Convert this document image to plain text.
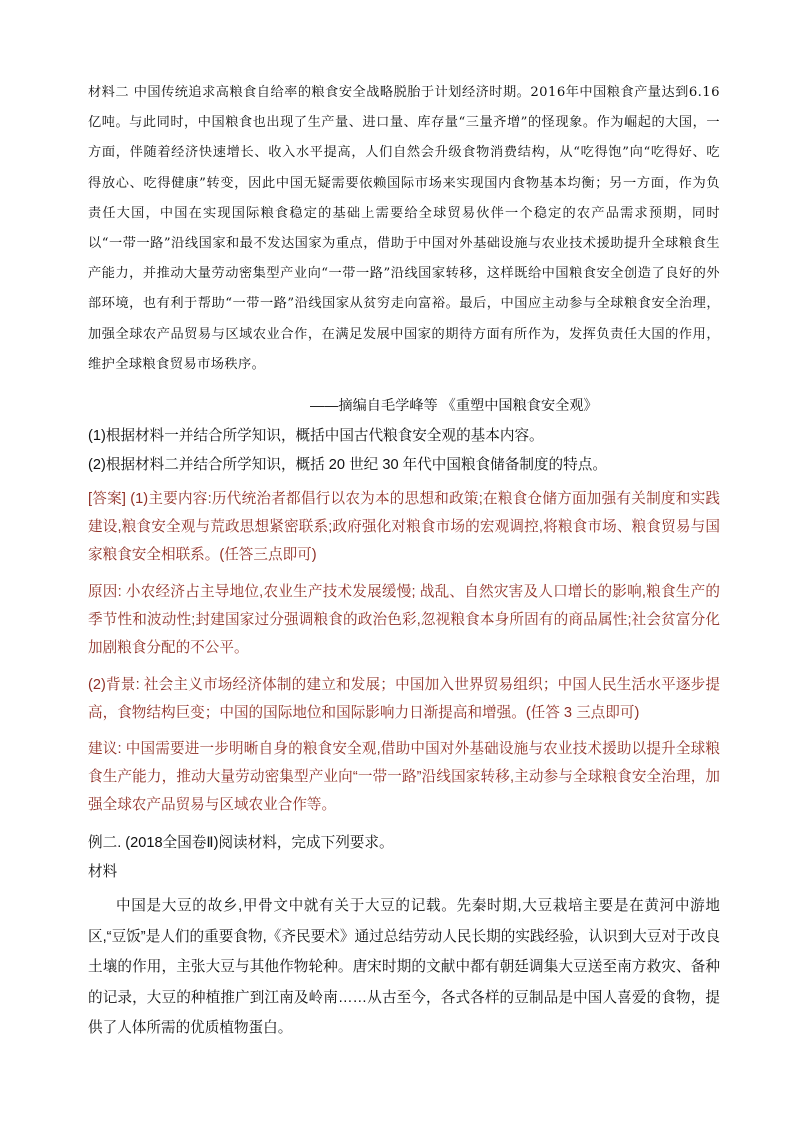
材料二 中国传统追求高粮食自给率的粮食安全战略脱胎于计划经济时期。2016年中国粮食产量达到6.16亿吨。与此同时，中国粮食也出现了生产量、进口量、库存量“三量齐增”的怪现象。作为崛起的大国，一方面，伴随着经济快速增长、收入水平提高，人们自然会升级食物消费结构，从“吃得饱”向“吃得好、吃得放心、吃得健康”转变，因此中国无疑需要依赖国际市场来实现国内食物基本均衡；另一方面，作为负责任大国，中国在实现国际粮食稳定的基础上需要给全球贸易伙伴一个稳定的农产品需求预期，同时以“一带一路”沿线国家和最不发达国家为重点，借助于中国对外基础设施与农业技术援助提升全球粮食生产能力，并推动大量劳动密集型产业向“一带一路”沿线国家转移，这样既给中国粮食安全创造了良好的外部环境，也有利于帮助“一带一路”沿线国家从贫穷走向富裕。最后，中国应主动参与全球粮食安全治理，加强全球农产品贸易与区域农业合作，在满足发展中国家的期待方面有所作为，发挥负责任大国的作用，维护全球粮食贸易市场秩序。

——摘编自毛学峰等 《重塑中国粮食安全观》

(1)根据材料一并结合所学知识，概括中国古代粮食安全观的基本内容。

(2)根据材料二并结合所学知识，概括 20 世纪 30 年代中国粮食储备制度的特点。

[答案] (1)主要内容:历代统治者都倡行以农为本的思想和政策;在粮食仓储方面加强有关制度和实践建设,粮食安全观与荒政思想紧密联系;政府强化对粮食市场的宏观调控,将粮食市场、粮食贸易与国家粮食安全相联系。(任答三点即可)

原因: 小农经济占主导地位,农业生产技术发展缓慢; 战乱、自然灾害及人口增长的影响,粮食生产的季节性和波动性;封建国家过分强调粮食的政治色彩,忽视粮食本身所固有的商品属性;社会贫富分化加剧粮食分配的不公平。

(2)背景: 社会主义市场经济体制的建立和发展；中国加入世界贸易组织；中国人民生活水平逐步提高，食物结构巨变；中国的国际地位和国际影响力日渐提高和增强。(任答 3 三点即可)

建议: 中国需要进一步明晰自身的粮食安全观,借助中国对外基础设施与农业技术援助以提升全球粮食生产能力，推动大量劳动密集型产业向“一带一路”沿线国家转移,主动参与全球粮食安全治理，加强全球农产品贸易与区域农业合作等。

例二. (2018全国卷Ⅱ)阅读材料，完成下列要求。

材料

中国是大豆的故乡,甲骨文中就有关于大豆的记载。先秦时期,大豆栽培主要是在黄河中游地区,“豆饭”是人们的重要食物,《齐民要术》通过总结劳动人民长期的实践经验，认识到大豆对于改良土壤的作用，主张大豆与其他作物轮种。唐宋时期的文献中都有朝廷调集大豆送至南方救灾、备种的记录，大豆的种植推广到江南及岭南……从古至今，各式各样的豆制品是中国人喜爱的食物，提供了人体所需的优质植物蛋白。
